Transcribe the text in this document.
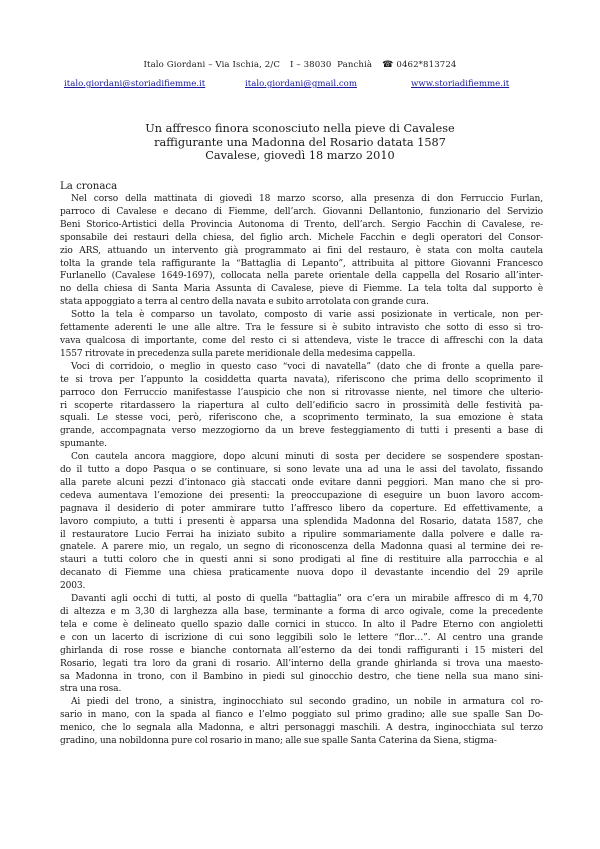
Italo Giordani – Via Ischia, 2/C I – 38030 Panchià ☎ 0462*813724
italo.giordani@storiadifiemme.it	italo.giordani@gmail.com	www.storiadifiemme.it
Un affresco finora sconosciuto nella pieve di Cavalese
raffigurante una Madonna del Rosario datata 1587
Cavalese, giovedì 18 marzo 2010
La cronaca
Nel corso della mattinata di giovedì 18 marzo scorso, alla presenza di don Ferruccio Furlan,
parroco di Cavalese e decano di Fiemme, dell’arch. Giovanni Dellantonio, funzionario del Servizio
Beni Storico-Artistici della Provincia Autonoma di Trento, dell’arch. Sergio Facchin di Cavalese, re-
sponsabile dei restauri della chiesa, del figlio arch. Michele Facchin e degli operatori del Consor-
zio ARS, attuando un intervento già programmato ai fini del restauro, è stata con molta cautela
tolta la grande tela raffigurante la “Battaglia di Lepanto”, attribuita al pittore Giovanni Francesco
Furlanello (Cavalese 1649-1697), collocata nella parete orientale della cappella del Rosario all’inter-
no della chiesa di Santa Maria Assunta di Cavalese, pieve di Fiemme. La tela tolta dal supporto è
stata appoggiato a terra al centro della navata e subito arrotolata con grande cura.
Sotto la tela è comparso un tavolato, composto di varie assi posizionate in verticale, non per-
fettamente aderenti le une alle altre. Tra le fessure si è subito intravisto che sotto di esso si tro-
vava qualcosa di importante, come del resto ci si attendeva, viste le tracce di affreschi con la data
1557 ritrovate in precedenza sulla parete meridionale della medesima cappella.
Voci di corridoio, o meglio in questo caso “voci di navatella” (dato che di fronte a quella pare-
te si trova per l’appunto la cosiddetta quarta navata), riferiscono che prima dello scoprimento il
parroco don Ferruccio manifestasse l’auspicio che non si ritrovasse niente, nel timore che ulterio-
ri scoperte ritardassero la riapertura al culto dell’edificio sacro in prossimità delle festività pa-
squali. Le stesse voci, però, riferiscono che, a scoprimento terminato, la sua emozione è stata
grande, accompagnata verso mezzogiorno da un breve festeggiamento di tutti i presenti a base di
spumante.
Con cautela ancora maggiore, dopo alcuni minuti di sosta per decidere se sospendere spostan-
do il tutto a dopo Pasqua o se continuare, si sono levate una ad una le assi del tavolato, fissando
alla parete alcuni pezzi d’intonaco già staccati onde evitare danni peggiori. Man mano che si pro-
cedeva aumentava l’emozione dei presenti: la preoccupazione di eseguire un buon lavoro accom-
pagnava il desiderio di poter ammirare tutto l’affresco libero da coperture. Ed effettivamente, a
lavoro compiuto, a tutti i presenti è apparsa una splendida Madonna del Rosario, datata 1587, che
il restauratore Lucio Ferrai ha iniziato subito a ripulire sommariamente dalla polvere e dalle ra-
gnatele. A parere mio, un regalo, un segno di riconoscenza della Madonna quasi al termine dei re-
stauri a tutti coloro che in questi anni si sono prodigati al fine di restituire alla parrocchia e al
decanato di Fiemme una chiesa praticamente nuova dopo il devastante incendio del 29 aprile
2003.
Davanti agli occhi di tutti, al posto di quella “battaglia” ora c’era un mirabile affresco di m 4,70
di altezza e m 3,30 di larghezza alla base, terminante a forma di arco ogivale, come la precedente
tela e come è delineato quello spazio dalle cornici in stucco. In alto il Padre Eterno con angioletti
e con un lacerto di iscrizione di cui sono leggibili solo le lettere “flor…”. Al centro una grande
ghirlanda di rose rosse e bianche contornata all’esterno da dei tondi raffiguranti i 15 misteri del
Rosario, legati tra loro da grani di rosario. All’interno della grande ghirlanda si trova una maesto-
sa Madonna in trono, con il Bambino in piedi sul ginocchio destro, che tiene nella sua mano sini-
stra una rosa.
Ai piedi del trono, a sinistra, inginocchiato sul secondo gradino, un nobile in armatura col ro-
sario in mano, con la spada al fianco e l’elmo poggiato sul primo gradino; alle sue spalle San Do-
menico, che lo segnala alla Madonna, e altri personaggi maschili. A destra, inginocchiata sul terzo
gradino, una nobildonna pure col rosario in mano; alle sue spalle Santa Caterina da Siena, stigma-
